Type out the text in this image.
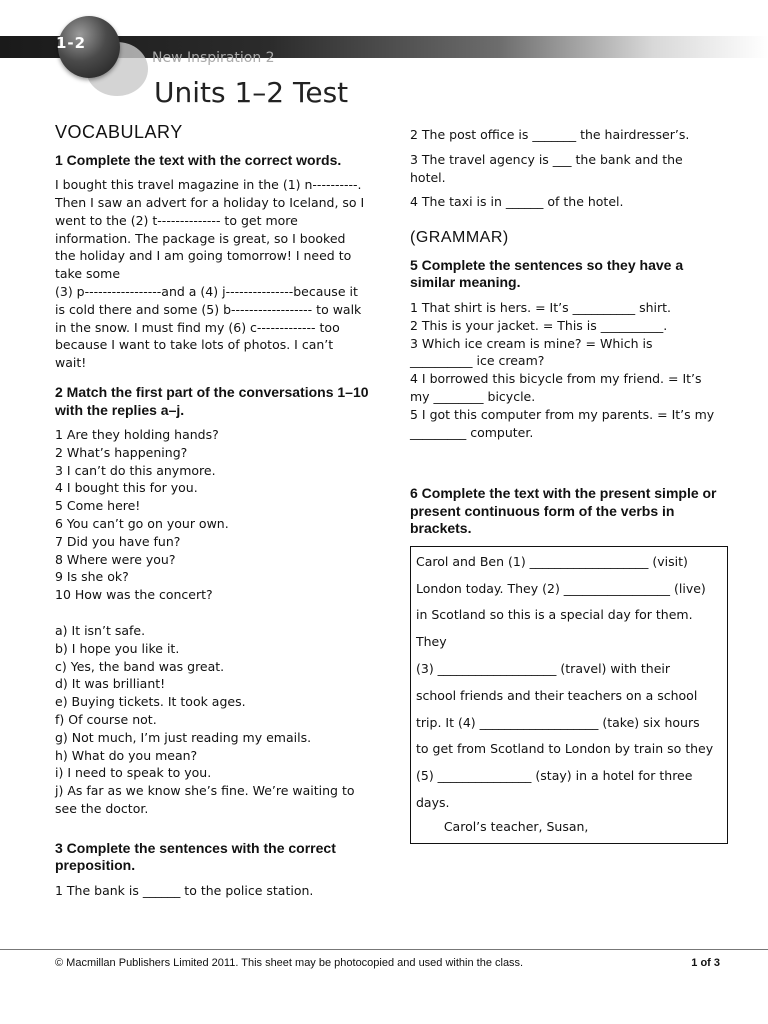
1-2
New Inspiration 2
Units 1–2 Test
VOCABULARY
1 Complete the text with the correct words.

I bought this travel magazine in the (1) n----------.

Then I saw an advert for a holiday to Iceland, so I

went to the (2) t-------------- to get more

information. The package is great, so I booked

the holiday and I am going tomorrow! I need to

take some

(3) p-----------------and a (4) j---------------because it

is cold there and some (5) b------------------ to walk

in the snow. I must find my (6) c------------- too

because I want to take lots of photos. I can’t

wait!

2 Match the first part of the conversations 1–10 with the replies a–j.

1 Are they holding hands?

2 What’s happening?

3 I can’t do this anymore.

4 I bought this for you.

5 Come here!

6 You can’t go on your own.

7 Did you have fun?

8 Where were you?

9 Is she ok?

10 How was the concert?

a) It isn’t safe.

b) I hope you like it.

c) Yes, the band was great.

d) It was brilliant!

e) Buying tickets. It took ages.

f) Of course not.

g) Not much, I’m just reading my emails.

h) What do you mean?

i) I need to speak to you.

j) As far as we know she’s fine. We’re waiting to

see the doctor.

3 Complete the sentences with the correct preposition.

1 The bank is ______ to the police station.

2 The post office is _______ the hairdresser’s.

3 The travel agency is ___ the bank and the

hotel.

4 The taxi is in ______ of the hotel.

(GRAMMAR)
5 Complete the sentences so they have a similar meaning.

1 That shirt is hers. = It’s __________ shirt.

2 This is your jacket. = This is __________.

3 Which ice cream is mine? = Which is

__________ ice cream?

4 I borrowed this bicycle from my friend. = It’s

my ________ bicycle.

5 I got this computer from my parents. = It’s my

_________ computer.

6 Complete the text with the present simple or present continuous form of the verbs in brackets.

Carol and Ben (1) ___________________ (visit)

London today. They (2) _________________ (live)

in Scotland so this is a special day for them. They

(3) ___________________ (travel) with their

school friends and their teachers on a school

trip. It (4) ___________________ (take) six hours

to get from Scotland to London by train so they

(5) _______________ (stay) in a hotel for three

days.

Carol’s teacher, Susan,

© Macmillan Publishers Limited 2011. This sheet may be photocopied and used within the class.	1 of 3
